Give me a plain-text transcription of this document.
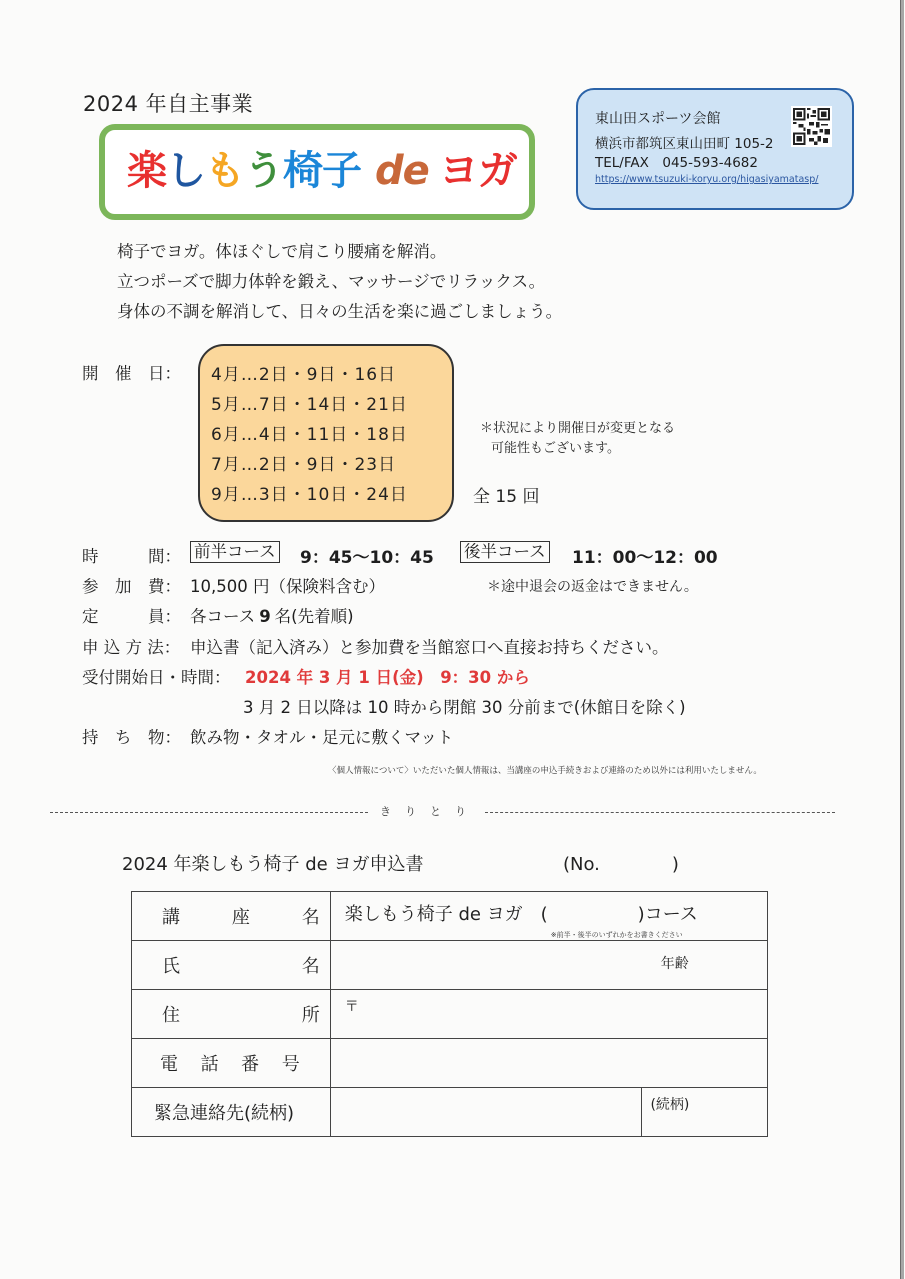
2024 年自主事業
楽しもう椅子 de ヨガ
東山田スポーツ会館
横浜市都筑区東山田町 105-2
TEL/FAX　045-593-4682
https://www.tsuzuki-koryu.org/higasiyamatasp/
椅子でヨガ。体ほぐしで肩こり腰痛を解消。
立つポーズで脚力体幹を鍛え、マッサージでリラックス。
身体の不調を解消して、日々の生活を楽に過ごしましょう。
開　催　日： 4月…2日・9日・16日
5月…7日・14日・21日
6月…4日・11日・18日
7月…2日・9日・23日
9月…3日・10日・24日
＊状況により開催日が変更となる
可能性もございます。
全 15 回
時　　　間： 前半コース 9：45〜10：45 後半コース 11：00〜12：00
参　加　費： 10,500 円（保険料含む）	＊途中退会の返金はできません。
定　　　員： 各コース 9 名(先着順)
申 込 方 法： 申込書（記入済み）と参加費を当館窓口へ直接お持ちください。
受付開始日・時間： 2024 年 3 月 1 日(金)　9：30 から
3 月 2 日以降は 10 時から閉館 30 分前まで(休館日を除く)
持　ち　物： 飲み物・タオル・足元に敷くマット
〈個人情報について〉いただいた個人情報は、当講座の申込手続きおよび連絡のため以外には利用いたしません。
きりとり
2024 年楽しもう椅子 de ヨガ申込書	(No.　　　　)
講 座 名	楽しもう椅子 de ヨガ　(　　　　　)コース
※前半・後半のいずれかをお書きください	

氏 名	年齢	

住 所	〒	

電 話 番 号		

緊急連絡先(続柄)		(続柄)
